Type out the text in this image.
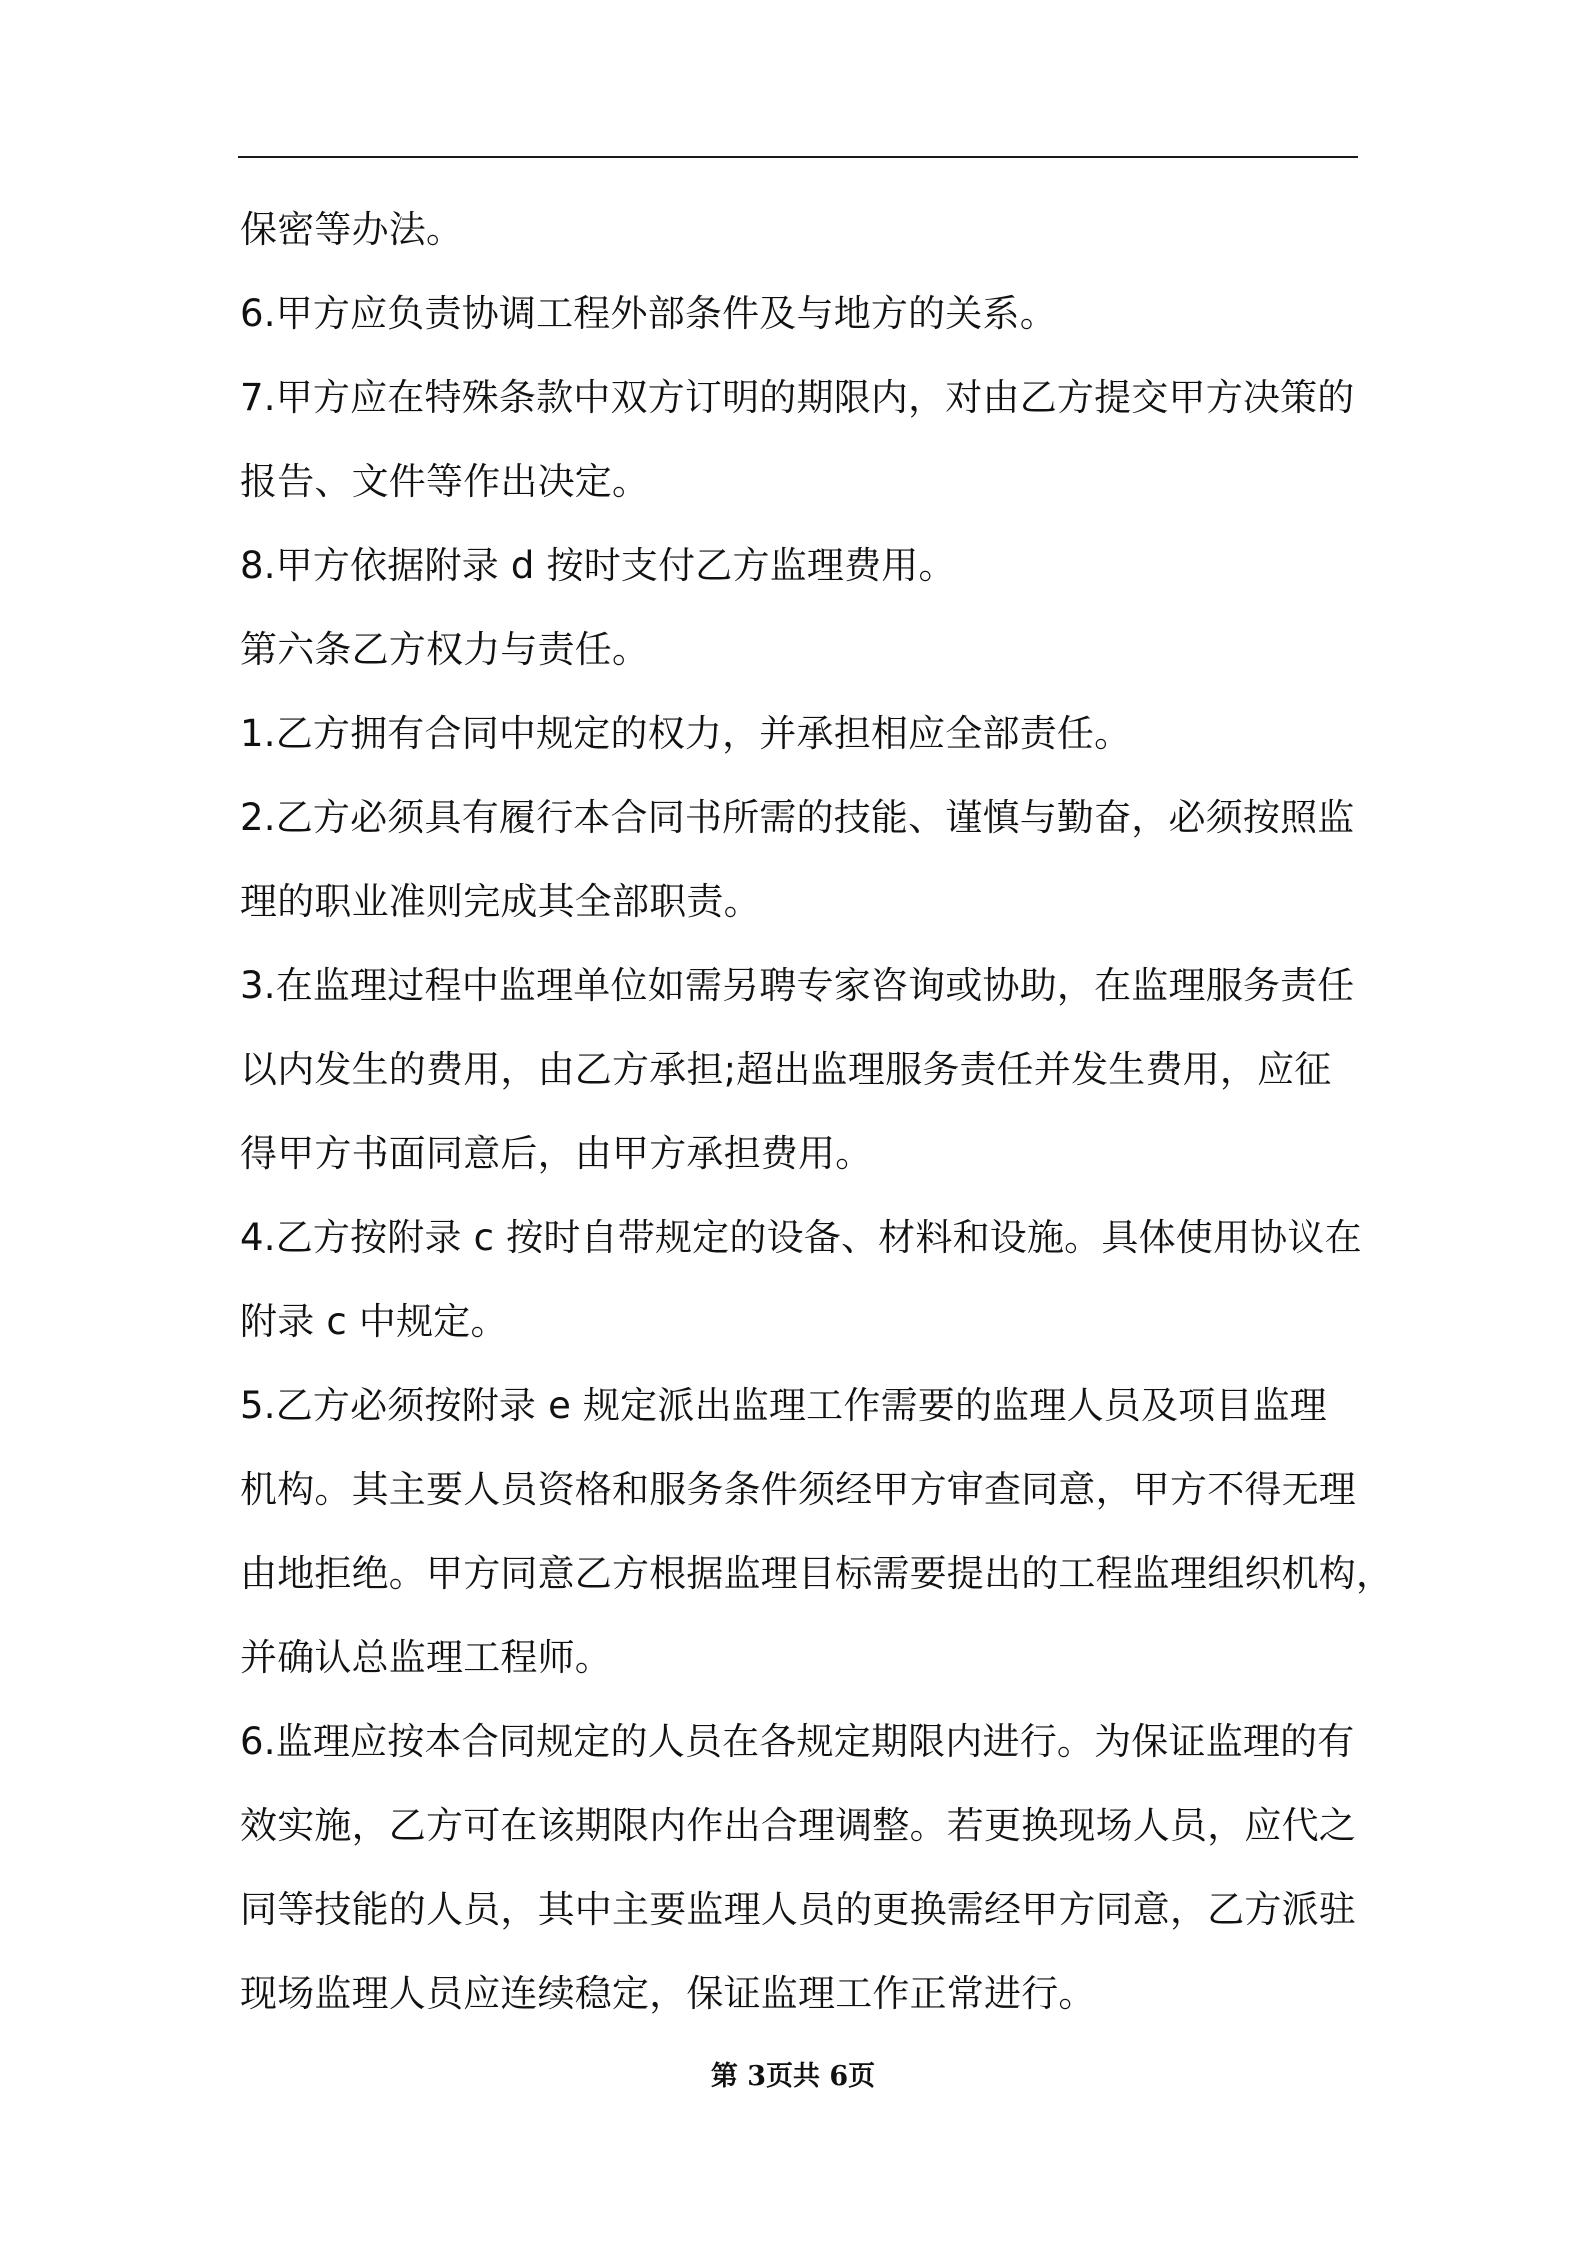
保密等办法。
6.甲方应负责协调工程外部条件及与地方的关系。
7.甲方应在特殊条款中双方订明的期限内，对由乙方提交甲方决策的
报告、文件等作出决定。
8.甲方依据附录 d 按时支付乙方监理费用。
第六条乙方权力与责任。
1.乙方拥有合同中规定的权力，并承担相应全部责任。
2.乙方必须具有履行本合同书所需的技能、谨慎与勤奋，必须按照监
理的职业准则完成其全部职责。
3.在监理过程中监理单位如需另聘专家咨询或协助，在监理服务责任
以内发生的费用，由乙方承担;超出监理服务责任并发生费用，应征
得甲方书面同意后，由甲方承担费用。
4.乙方按附录 c 按时自带规定的设备、材料和设施。具体使用协议在
附录 c 中规定。
5.乙方必须按附录 e 规定派出监理工作需要的监理人员及项目监理
机构。其主要人员资格和服务条件须经甲方审查同意，甲方不得无理
由地拒绝。甲方同意乙方根据监理目标需要提出的工程监理组织机构，
并确认总监理工程师。
6.监理应按本合同规定的人员在各规定期限内进行。为保证监理的有
效实施，乙方可在该期限内作出合理调整。若更换现场人员，应代之
同等技能的人员，其中主要监理人员的更换需经甲方同意，乙方派驻
现场监理人员应连续稳定，保证监理工作正常进行。
第 3页共 6页
